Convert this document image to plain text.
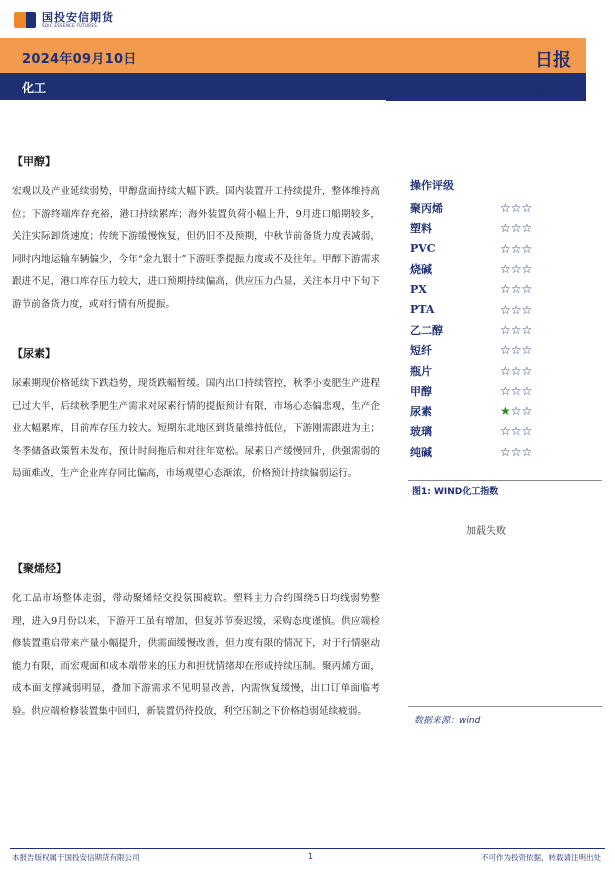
国投安信期货
SDIC ESSENCE FUTURES
2024年09月10日
化工
日报
国投安信期货研究院
【甲醇】
宏观以及产业延续弱势，甲醇盘面持续大幅下跌。国内装置开工持续提升，整体维持高位；下游终端库存充裕，港口持续累库；海外装置负荷小幅上升，9月进口船期较多，关注实际卸货速度；传统下游缓慢恢复，但仍旧不及预期，中秋节前备货力度表减弱，同时内地运输车辆偏少，今年“金九银十”下游旺季提振力度或不及往年。甲醇下游需求跟进不足，港口库存压力较大，进口预期持续偏高，供应压力凸显，关注本月中下旬下游节前备货力度，或对行情有所提振。
【尿素】
尿素期现价格延续下跌趋势，现货跌幅暂缓。国内出口持续管控，秋季小麦肥生产进程已过大半，后续秋季肥生产需求对尿素行情的提振预计有限，市场心态偏悲观，生产企业大幅累库，目前库存压力较大。短期东北地区到货量维持低位，下游刚需跟进为主；冬季储备政策暂未发布，预计时间拖后和对往年宽松。尿素日产缓慢回升，供强需弱的局面难改，生产企业库存同比偏高，市场观望心态渐浓，价格预计持续偏弱运行。
【聚烯烃】
化工品市场整体走弱，带动聚烯烃交投氛围疲软。塑料主力合约围绕5日均线弱势整理，进入9月份以来，下游开工虽有增加，但复苏节奏迟缓，采购态度谨慎。供应端检修装置重启带来产量小幅提升，供需面缓慢改善，但力度有限的情况下，对于行情驱动能力有限，而宏观面和成本端带来的压力和担忧情绪却在形成持续压制。聚丙烯方面，成本面支撑减弱明显，叠加下游需求不见明显改善，内需恢复缓慢，出口订单面临考验。供应端检修装置集中回归，新装置仍待投放，利空压制之下价格趋弱延续疲弱。
操作评级
聚丙烯	☆☆☆
塑料	☆☆☆
PVC	☆☆☆
烧碱	☆☆☆
PX	☆☆☆
PTA	☆☆☆
乙二醇	☆☆☆
短纤	☆☆☆
瓶片	☆☆☆
甲醇	☆☆☆
尿素	★☆☆
玻璃	☆☆☆
纯碱	☆☆☆
图1: WIND化工指数
加载失败
数据来源：wind
本报告版权属于国投安信期货有限公司	1	不可作为投资依据，转载请注明出处
